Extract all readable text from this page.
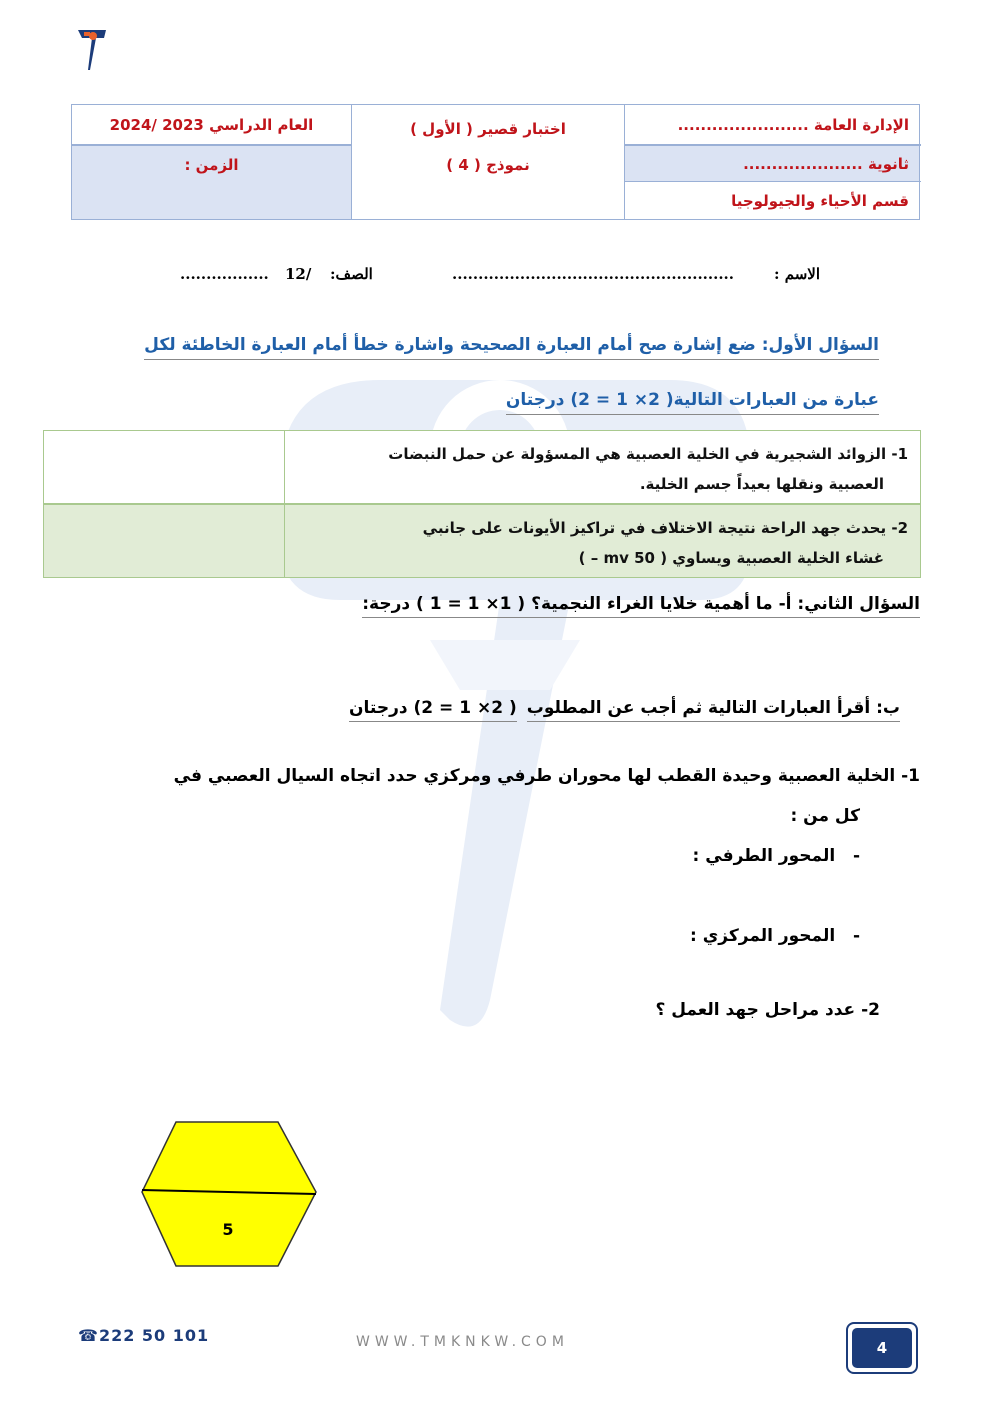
الإدارة العامة .......................
ثانوية .....................
قسم الأحياء والجيولوجيا
اختبار قصير ( الأول )
نموذج ( 4 )
العام الدراسي 2023 /2024
الزمن :
الاسم :
......................................................
الصف:
12/
.................
السؤال الأول: ضع إشارة صح أمام العبارة الصحيحة واشارة خطأ أمام العبارة الخاطئة لكل
عبارة من العبارات التالية( 2× 1 = 2) درجتان
1- الزوائد الشجيرية في الخلية العصبية هي المسؤولة عن حمل النبضات
العصبية ونقلها بعيداً جسم الخلية.
2- يحدث جهد الراحة نتيجة الاختلاف في تراكيز الأيونات على جانبي
غشاء الخلية العصبية ويساوي ( 50 mv – )
السؤال الثاني: أ- ما أهمية خلايا الغراء النجمية؟ ( 1× 1 = 1 ) درجة:
ب: أقرأ العبارات التالية ثم أجب عن المطلوب
( 2× 1 = 2) درجتان
1- الخلية العصبية وحيدة القطب لها محوران طرفي ومركزي حدد اتجاه السيال العصبي في
كل من :
-   المحور الطرفي :
-   المحور المركزي :
2- عدد مراحل جهد العمل ؟
5
☎222 50 101	WWW.TMKNKW.COM	4
